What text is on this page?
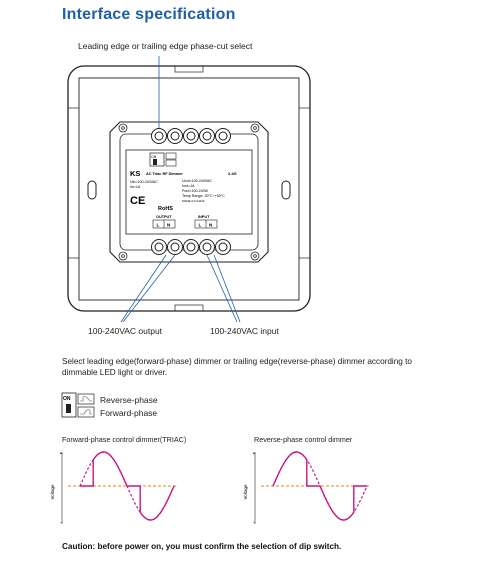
Interface specification
Leading edge or trailing edge phase-cut select
ON
KS AC Triac RF Dimmer	2.4G
Uin=100-240VAC
Iin=1A
Uout=100-240VAC
Iout=1A
Pout=100-240W
Temp Range:-30°C~+50°C
MADE IN CHINA
CE
RoHS
OUTPUT	INPUT
L N	L N
ON
•
-
Voltage
•
-
Voltage
100-240VAC output	100-240VAC input
Select leading edge(forward-phase) dimmer or trailing edge(reverse-phase) dimmer according to dimmable LED light or driver.
Reverse-phase
Forward-phase
Forward-phase control dimmer(TRIAC)	Reverse-phase control dimmer
Caution: before power on, you must confirm the selection of dip switch.
